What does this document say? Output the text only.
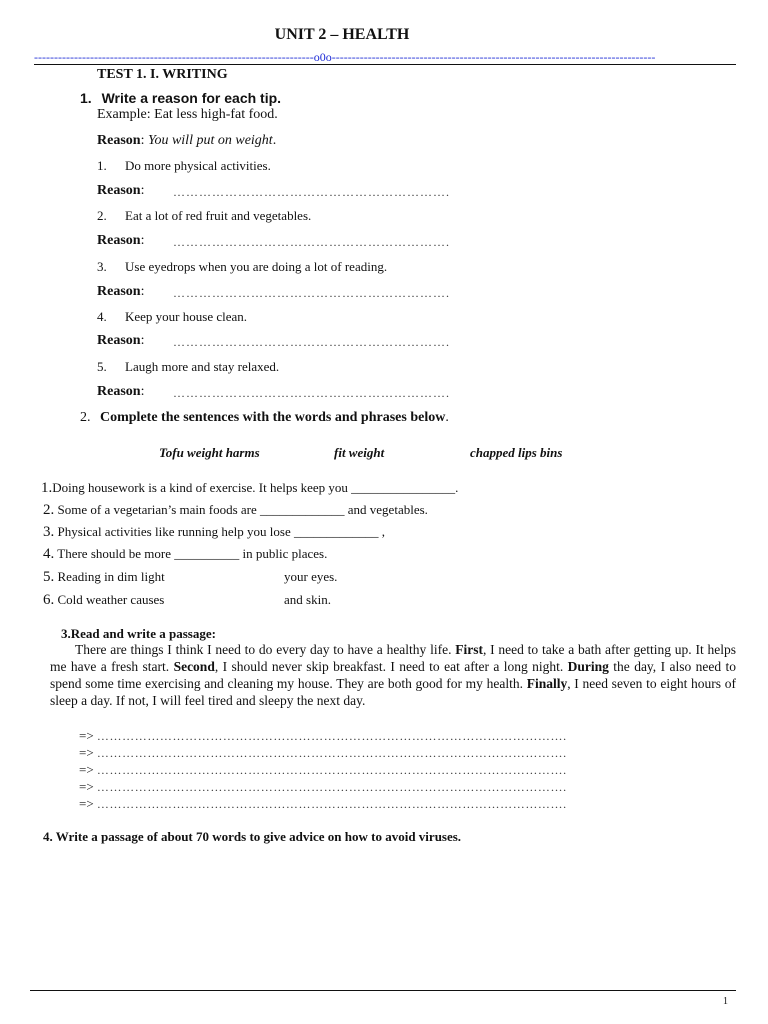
UNIT 2 – HEALTH
----------------------------------------------------------------------o0o---------------------------------------------------------------------------------
TEST 1. I. WRITING
1. Write a reason for each tip.
Example: Eat less high-fat food.
Reason: You will put on weight.
1. Do more physical activities.
Reason: ……………………………………………………….
2. Eat a lot of red fruit and vegetables.
Reason: ……………………………………………………….
3. Use eyedrops when you are doing a lot of reading.
Reason: ……………………………………………………….
4. Keep your house clean.
Reason: ……………………………………………………….
5. Laugh more and stay relaxed.
Reason: ……………………………………………………….
2. Complete the sentences with the words and phrases below.
Tofu weight harms	fit weight	chapped lips bins
1.Doing housework is a kind of exercise. It helps keep you ________________.
2. Some of a vegetarian’s main foods are _____________ and vegetables.
3. Physical activities like running help you lose _____________ ,
4. There should be more __________ in public places.
5. Reading in dim light	your eyes.
6. Cold weather causes	and skin.
3.Read and write a passage:
There are things I think I need to do every day to have a healthy life. First, I need to take a bath after getting up. It helps me have a fresh start. Second, I should never skip breakfast. I need to eat after a long night. During the day, I also need to spend some time exercising and cleaning my house. They are both good for my health. Finally, I need seven to eight hours of sleep a day. If not, I will feel tired and sleepy the next day.
=> ………………………………………………………………………………………………….
=> ………………………………………………………………………………………………….
=> ………………………………………………………………………………………………….
=> ………………………………………………………………………………………………….
=> ………………………………………………………………………………………………….
4. Write a passage of about 70 words to give advice on how to avoid viruses.
1
